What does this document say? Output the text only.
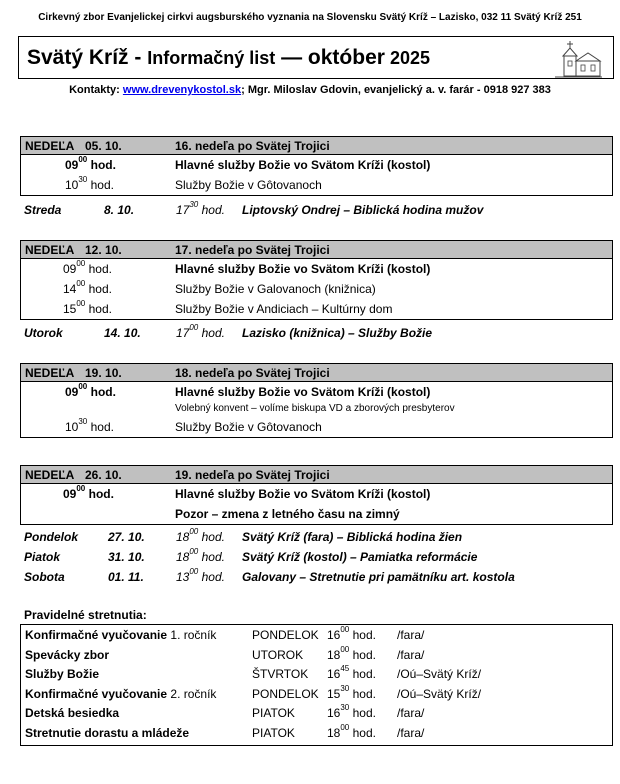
Cirkevný zbor Evanjelickej cirkvi augsburského vyznania na Slovensku Svätý Kríž – Lazisko, 032 11 Svätý Kríž 251
Svätý Kríž - Informačný list — október 2025
Kontakty: www.drevenykostol.sk; Mgr. Miloslav Gdovin, evanjelický a. v. farár - 0918 927 383
NEDEĽA 05. 10.	16. nedeľa po Svätej Trojici
$09^{00}$ hod.	Hlavné služby Božie vo Svätom Kríži (kostol)
$10^{30}$ hod.	Služby Božie v Gôtovanoch
Streda	8. 10.	$17^{30}$ hod. Liptovský Ondrej – Biblická hodina mužov
NEDEĽA 12. 10.	17. nedeľa po Svätej Trojici
$09^{00}$ hod.	Hlavné služby Božie vo Svätom Kríži (kostol)
$14^{00}$ hod.	Služby Božie v Galovanoch (knižnica)
$15^{00}$ hod.	Služby Božie v Andiciach – Kultúrny dom
Utorok	14. 10.	$17^{00}$ hod. Lazisko (knižnica) – Služby Božie
NEDEĽA 19. 10.	18. nedeľa po Svätej Trojici
$09^{00}$ hod.	Hlavné služby Božie vo Svätom Kríži (kostol)
Volebný konvent – volíme biskupa VD a zborových presbyterov
$10^{30}$ hod.	Služby Božie v Gôtovanoch
NEDEĽA 26. 10.	19. nedeľa po Svätej Trojici
$09^{00}$ hod.	Hlavné služby Božie vo Svätom Kríži (kostol)
Pozor – zmena z letného času na zimný
Pondelok 27. 10.	$18^{00}$ hod. Svätý Kríž (fara) – Biblická hodina žien
Piatok	31. 10.	$18^{00}$ hod. Svätý Kríž (kostol) – Pamiatka reformácie
Sobota	01. 11.	$13^{00}$ hod. Galovany – Stretnutie pri pamätníku art. kostola
Pravidelné stretnutia:
Konfirmačné vyučovanie 1. ročník	PONDELOK $16^{00}$ hod. /fara/
Spevácky zbor	UTOROK $18^{00}$ hod. /fara/
Služby Božie	ŠTVRTOK $16^{45}$ hod. /Oú–Svätý Kríž/
Konfirmačné vyučovanie 2. ročník	PONDELOK $15^{30}$ hod. /Oú–Svätý Kríž/
Detská besiedka	PIATOK	$16^{30}$ hod. /fara/
Stretnutie dorastu a mládeže	PIATOK	$18^{00}$ hod. /fara/
